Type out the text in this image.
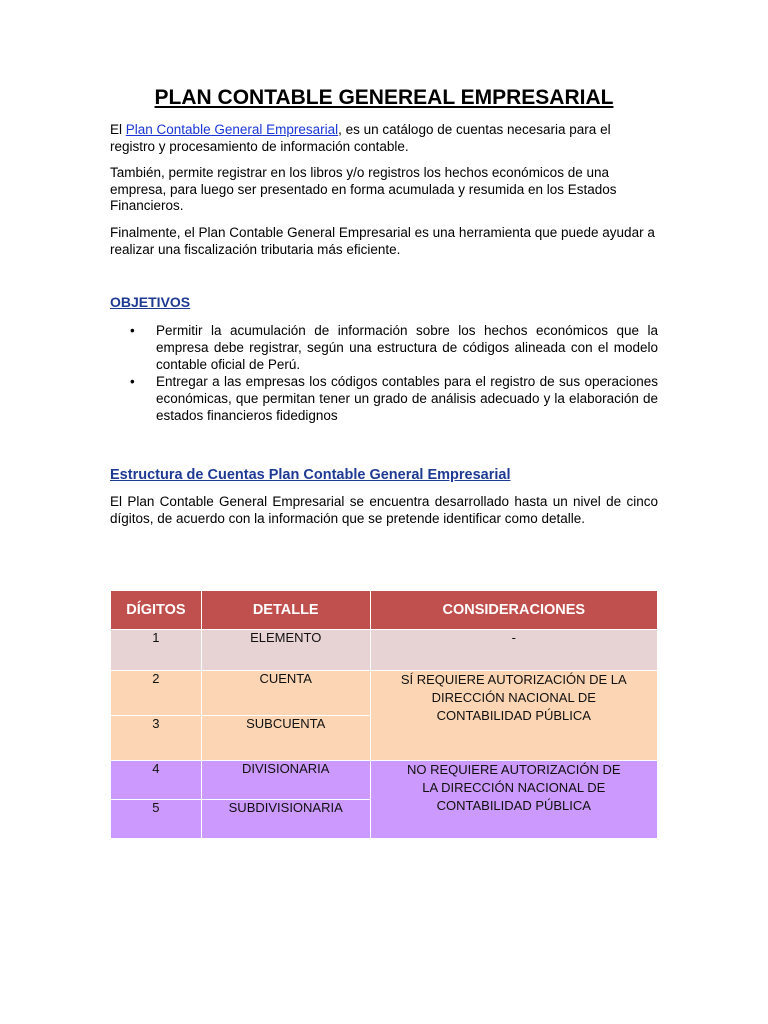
PLAN CONTABLE GENEREAL EMPRESARIAL

El Plan Contable General Empresarial, es un catálogo de cuentas necesaria para el registro y procesamiento de información contable.

También, permite registrar en los libros y/o registros los hechos económicos de una empresa, para luego ser presentado en forma acumulada y resumida en los Estados Financieros.

Finalmente, el Plan Contable General Empresarial es una herramienta que puede ayudar a realizar una fiscalización tributaria más eficiente.

OBJETIVOS
• Permitir la acumulación de información sobre los hechos económicos que la empresa debe registrar, según una estructura de códigos alineada con el modelo contable oficial de Perú.
• Entregar a las empresas los códigos contables para el registro de sus operaciones económicas, que permitan tener un grado de análisis adecuado y la elaboración de estados financieros fidedignos
Estructura de Cuentas Plan Contable General Empresarial

El Plan Contable General Empresarial se encuentra desarrollado hasta un nivel de cinco dígitos, de acuerdo con la información que se pretende identificar como detalle.

DÍGITOS	DETALLE	CONSIDERACIONES
1	ELEMENTO	-
2	CUENTA	SÍ REQUIERE AUTORIZACIÓN DE LA DIRECCIÓN NACIONAL DE CONTABILIDAD PÚBLICA
3	SUBCUENTA	
4	DIVISIONARIA	NO REQUIERE AUTORIZACIÓN DE LA DIRECCIÓN NACIONAL DE CONTABILIDAD PÚBLICA
5	SUBDIVISIONARIA	
